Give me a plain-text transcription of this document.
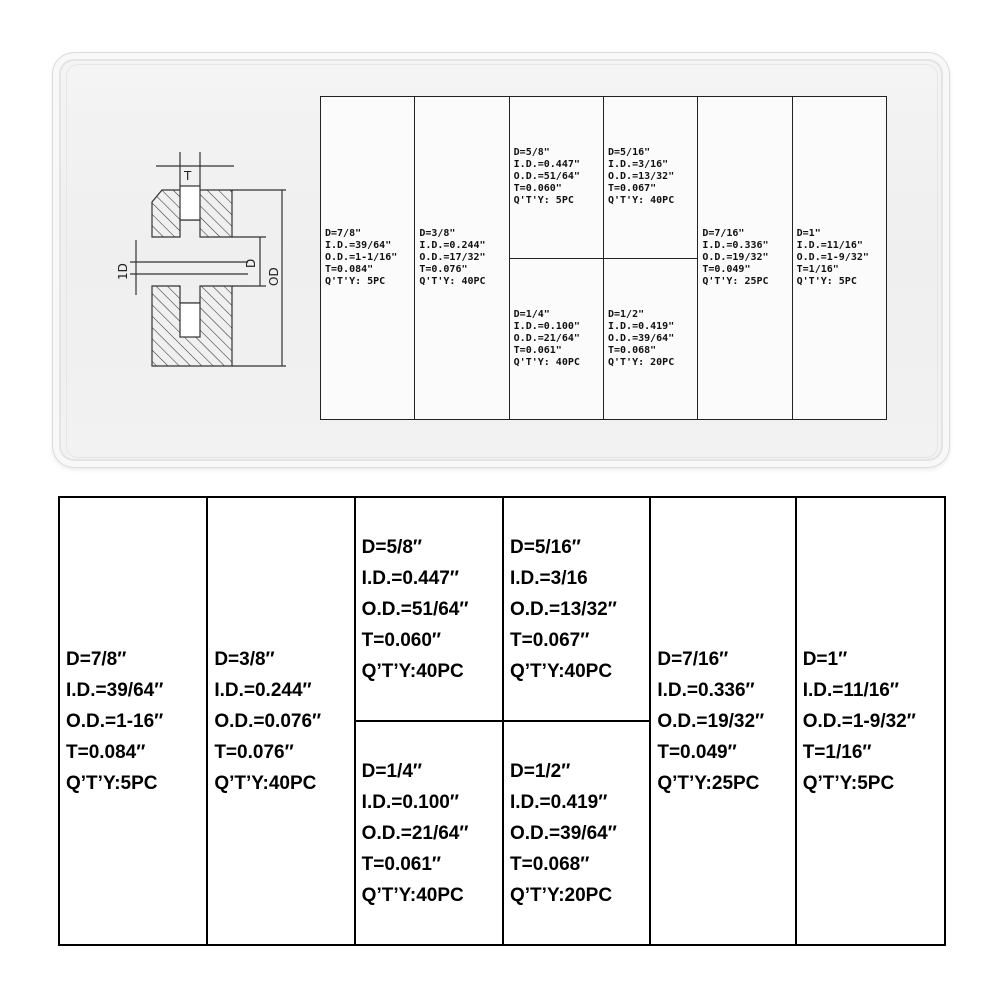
T
1D	D
OD
D=7/8"
I.D.=39/64"
O.D.=1-1/16"
T=0.084"
Q'T'Y: 5PC
D=3/8"
I.D.=0.244"
O.D.=17/32"
T=0.076"
Q'T'Y: 40PC
D=5/8"
I.D.=0.447"
O.D.=51/64"
T=0.060"
Q'T'Y: 5PC
D=1/4"
I.D.=0.100"
O.D.=21/64"
T=0.061"
Q'T'Y: 40PC
D=5/16"
I.D.=3/16"
O.D.=13/32"
T=0.067"
Q'T'Y: 40PC
D=1/2"
I.D.=0.419"
O.D.=39/64"
T=0.068"
Q'T'Y: 20PC
D=7/16"
I.D.=0.336"
O.D.=19/32"
T=0.049"
Q'T'Y: 25PC
D=1"
I.D.=11/16"
O.D.=1-9/32"
T=1/16"
Q'T'Y: 5PC
D=7/8″
I.D.=39/64″
O.D.=1-16″
T=0.084″
Q’T’Y:5PC
D=3/8″
I.D.=0.244″
O.D.=0.076″
T=0.076″
Q’T’Y:40PC
D=5/8″
I.D.=0.447″
O.D.=51/64″
T=0.060″
Q’T’Y:40PC
D=1/4″
I.D.=0.100″
O.D.=21/64″
T=0.061″
Q’T’Y:40PC
D=5/16″
I.D.=3/16
O.D.=13/32″
T=0.067″
Q’T’Y:40PC
D=1/2″
I.D.=0.419″
O.D.=39/64″
T=0.068″
Q’T’Y:20PC
D=7/16″
I.D.=0.336″
O.D.=19/32″
T=0.049″
Q’T’Y:25PC
D=1″
I.D.=11/16″
O.D.=1-9/32″
T=1/16″
Q’T’Y:5PC
